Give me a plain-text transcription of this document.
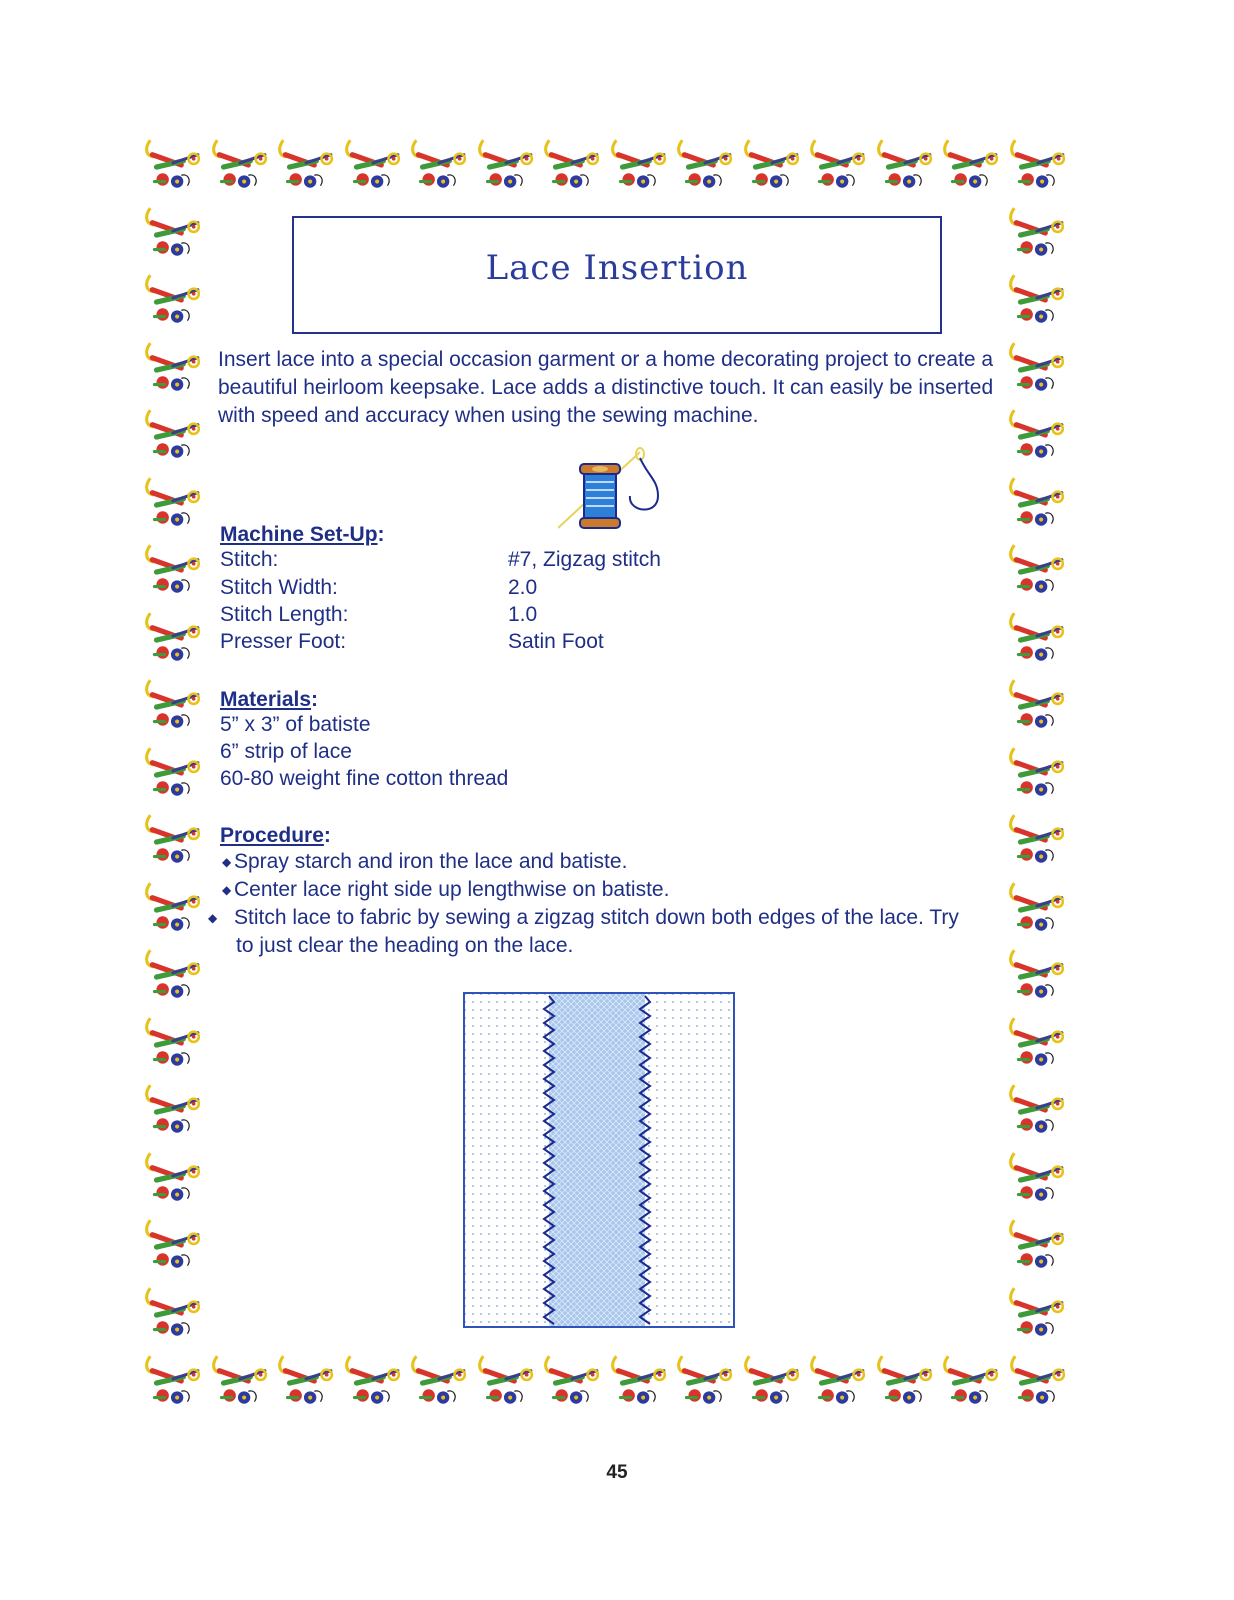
Lace Insertion
Insert lace into a special occasion garment or a home decorating project to create a beautiful heirloom keepsake. Lace adds a distinctive touch. It can easily be inserted with speed and accuracy when using the sewing machine.
Machine Set-Up:
Stitch:	#7, Zigzag stitch
Stitch Width:	2.0
Stitch Length:	1.0
Presser Foot:	Satin Foot
Materials:
5” x 3” of batiste
6” strip of lace
60-80 weight fine cotton thread
Procedure:
◆ Spray starch and iron the lace and batiste.
◆ Center lace right side up lengthwise on batiste.
◆ Stitch lace to fabric by sewing a zigzag stitch down both edges of the lace. Try to just clear the heading on the lace.
45
